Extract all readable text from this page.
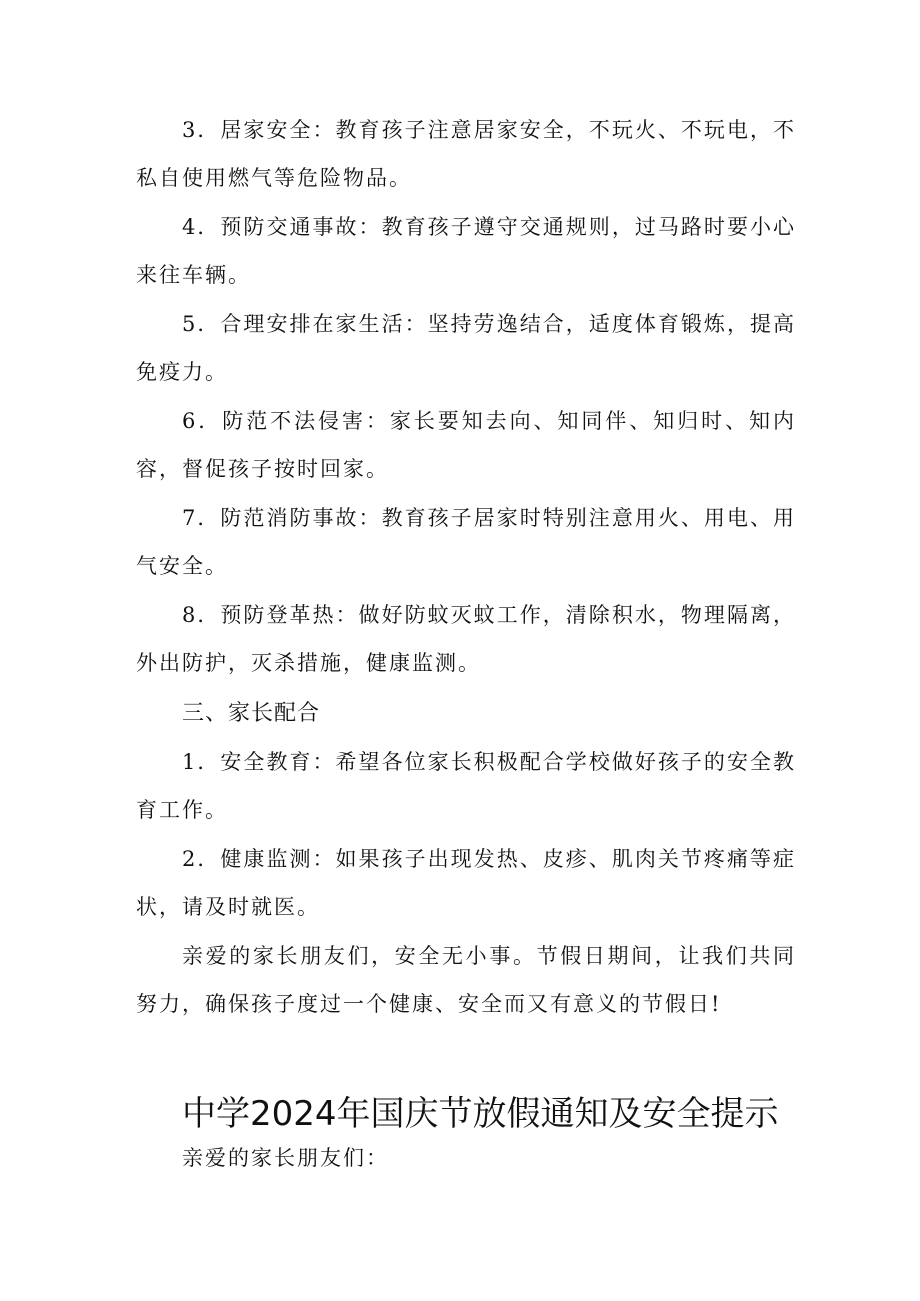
3．居家安全：教育孩子注意居家安全，不玩火、不玩电，不私自使用燃气等危险物品。
4．预防交通事故：教育孩子遵守交通规则，过马路时要小心来往车辆。
5．合理安排在家生活：坚持劳逸结合，适度体育锻炼，提高免疫力。
6．防范不法侵害：家长要知去向、知同伴、知归时、知内容，督促孩子按时回家。
7．防范消防事故：教育孩子居家时特别注意用火、用电、用气安全。
8．预防登革热：做好防蚊灭蚊工作，清除积水，物理隔离，外出防护，灭杀措施，健康监测。
三、家长配合
1．安全教育：希望各位家长积极配合学校做好孩子的安全教育工作。
2．健康监测：如果孩子出现发热、皮疹、肌肉关节疼痛等症状，请及时就医。
亲爱的家长朋友们，安全无小事。节假日期间，让我们共同努力，确保孩子度过一个健康、安全而又有意义的节假日!
中学2024年国庆节放假通知及安全提示
亲爱的家长朋友们：
